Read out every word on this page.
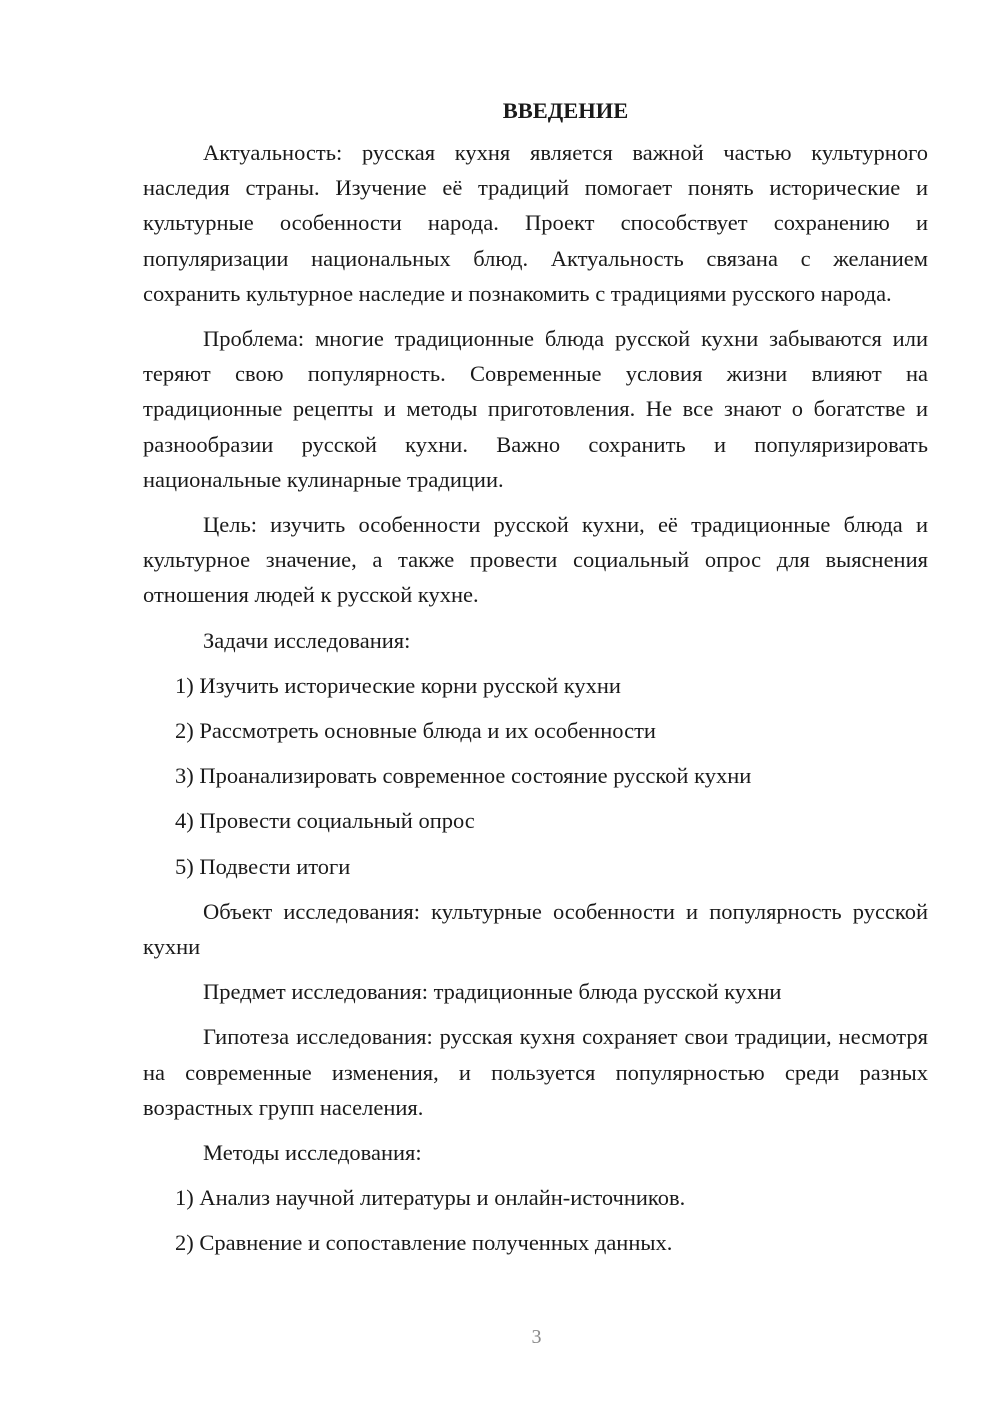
ВВЕДЕНИЕ

Актуальность: русская кухня является важной частью культурного наследия страны. Изучение её традиций помогает понять исторические и культурные особенности народа. Проект способствует сохранению и популяризации национальных блюд. Актуальность связана с желанием сохранить культурное наследие и познакомить с традициями русского народа.

Проблема: многие традиционные блюда русской кухни забываются или теряют свою популярность. Современные условия жизни влияют на традиционные рецепты и методы приготовления. Не все знают о богатстве и разнообразии русской кухни. Важно сохранить и популяризировать национальные кулинарные традиции.

Цель: изучить особенности русской кухни, её традиционные блюда и культурное значение, а также провести социальный опрос для выяснения отношения людей к русской кухне.

Задачи исследования:

1) Изучить исторические корни русской кухни

2) Рассмотреть основные блюда и их особенности

3) Проанализировать современное состояние русской кухни

4) Провести социальный опрос

5) Подвести итоги

Объект исследования: культурные особенности и популярность русской кухни

Предмет исследования: традиционные блюда русской кухни

Гипотеза исследования: русская кухня сохраняет свои традиции, несмотря на современные изменения, и пользуется популярностью среди разных возрастных групп населения.

Методы исследования:

1) Анализ научной литературы и онлайн-источников.

2) Сравнение и сопоставление полученных данных.

3
